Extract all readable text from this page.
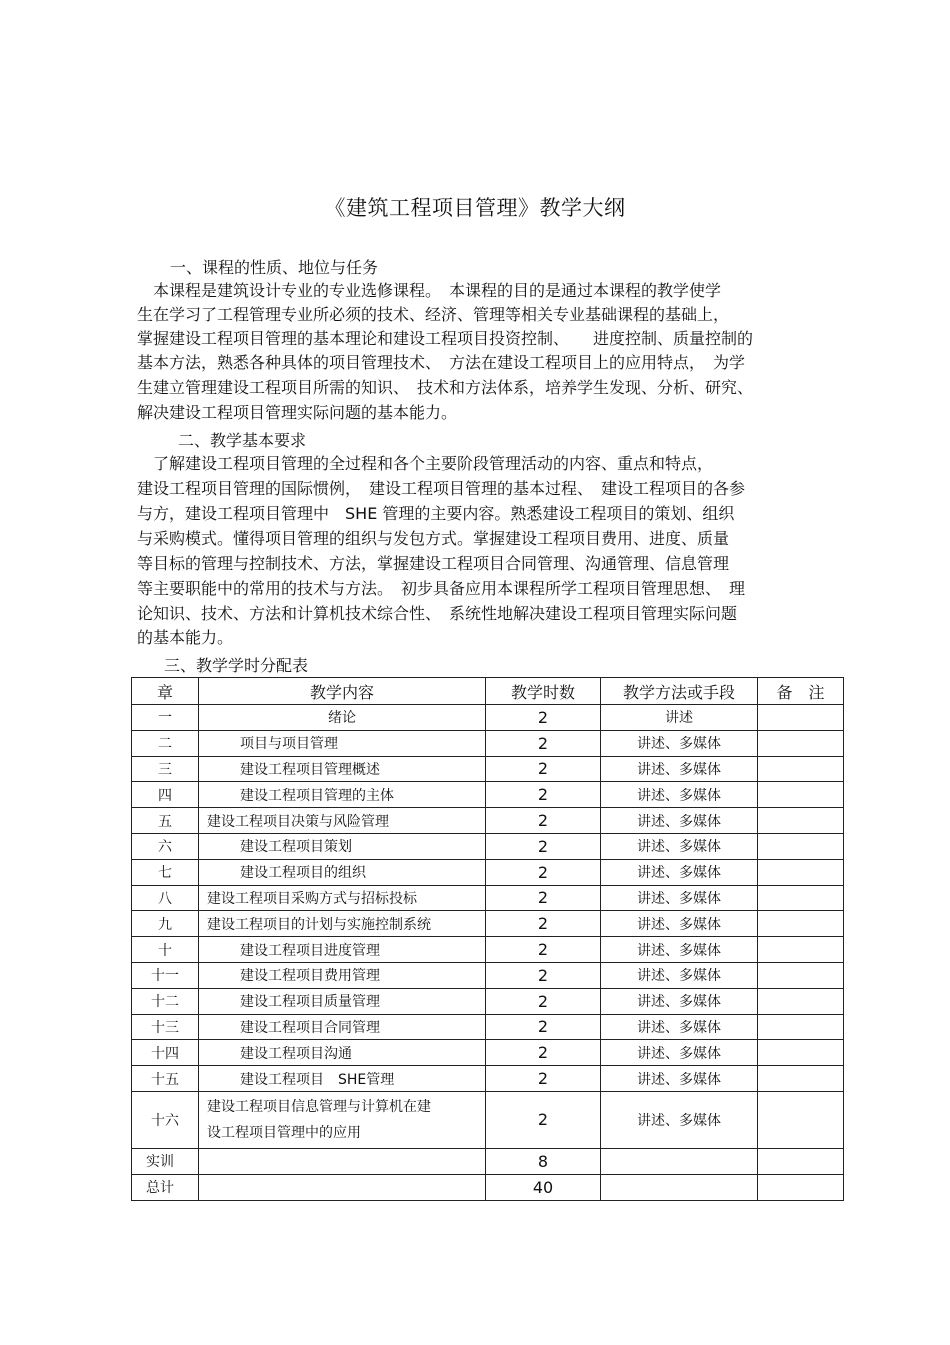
《建筑工程项目管理》教学大纲
一、课程的性质、地位与任务
　本课程是建筑设计专业的专业选修课程。　本课程的目的是通过本课程的教学使学
生在学习了工程管理专业所必须的技术、经济、管理等相关专业基础课程的基础上，
掌握建设工程项目管理的基本理论和建设工程项目投资控制、　　进度控制、质量控制的
基本方法，熟悉各种具体的项目管理技术、　方法在建设工程项目上的应用特点，　为学
生建立管理建设工程项目所需的知识、　技术和方法体系，培养学生发现、分析、研究、
解决建设工程项目管理实际问题的基本能力。
二、教学基本要求
　了解建设工程项目管理的全过程和各个主要阶段管理活动的内容、重点和特点，
建设工程项目管理的国际惯例，　建设工程项目管理的基本过程、　建设工程项目的各参
与方，建设工程项目管理中　SHE 管理的主要内容。熟悉建设工程项目的策划、组织
与采购模式。懂得项目管理的组织与发包方式。掌握建设工程项目费用、进度、质量
等目标的管理与控制技术、方法，掌握建设工程项目合同管理、沟通管理、信息管理
等主要职能中的常用的技术与方法。　初步具备应用本课程所学工程项目管理思想、　理
论知识、技术、方法和计算机技术综合性、　系统性地解决建设工程项目管理实际问题
的基本能力。
三、教学学时分配表
章	教学内容	教学时数	教学方法或手段	备　注
一	绪论	2	讲述	
二	项目与项目管理	2	讲述、多媒体	
三	建设工程项目管理概述	2	讲述、多媒体	
四	建设工程项目管理的主体	2	讲述、多媒体	
五	建设工程项目决策与风险管理	2	讲述、多媒体	
六	建设工程项目策划	2	讲述、多媒体	
七	建设工程项目的组织	2	讲述、多媒体	
八	建设工程项目采购方式与招标投标	2	讲述、多媒体	
九	建设工程项目的计划与实施控制系统	2	讲述、多媒体	
十	建设工程项目进度管理	2	讲述、多媒体	
十一	建设工程项目费用管理	2	讲述、多媒体	
十二	建设工程项目质量管理	2	讲述、多媒体	
十三	建设工程项目合同管理	2	讲述、多媒体	
十四	建设工程项目沟通	2	讲述、多媒体	
十五	建设工程项目　SHE管理	2	讲述、多媒体	
十六	建设工程项目信息管理与计算机在建
设工程项目管理中的应用	2	讲述、多媒体	
实训		8		
总计		40		
